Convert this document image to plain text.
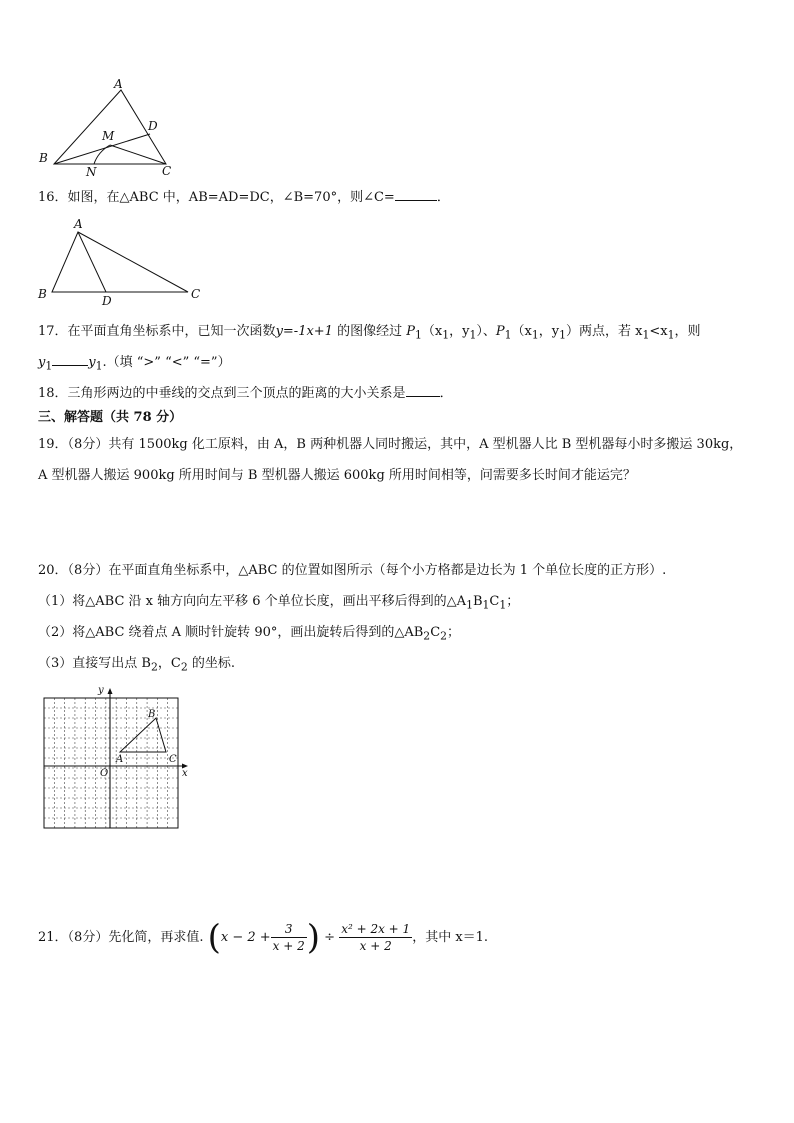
A
B
C
D
M
N
16．如图，在△ABC 中，AB=AD=DC，∠B=70°，则∠C=	．
A
B	D	C
17．在平面直角坐标系中，已知一次函数y=-1x+1 的图像经过 $P_1(x_1$，$y_1$）、$P_1(x_1$，$y_1$）两点，若 $x_1<x_1$，则
$y_1$	$y_1$.（填 “>” “<” “=”）
18．三角形两边的中垂线的交点到三个顶点的距离的大小关系是	．
三、解答题（共 78 分）
19．（8分）共有 1500kg 化工原料，由 A，B 两种机器人同时搬运，其中，A 型机器人比 B 型机器每小时多搬运 30kg，
A 型机器人搬运 900kg 所用时间与 B 型机器人搬运 600kg 所用时间相等，问需要多长时间才能运完？
20．（8分）在平面直角坐标系中，△ABC 的位置如图所示（每个小方格都是边长为 1 个单位长度的正方形）.
（1）将△ABC 沿 x 轴方向向左平移 6 个单位长度，画出平移后得到的$\triangle A_1B_1C_1$；
（2）将△ABC 绕着点 A 顺时针旋转 90°，画出旋转后得到的$\triangle AB_2C_2$；
（3）直接写出点 $B_2$，$C_2$ 的坐标.
y
x
O
A
B
C
21．（8分）先化简，再求值. ($x - 2 + \frac{3}{x + 2}$ ) ÷ $\frac{\text{x² + 2x + 1}}{x + 2}$ ，其中 x＝1.
